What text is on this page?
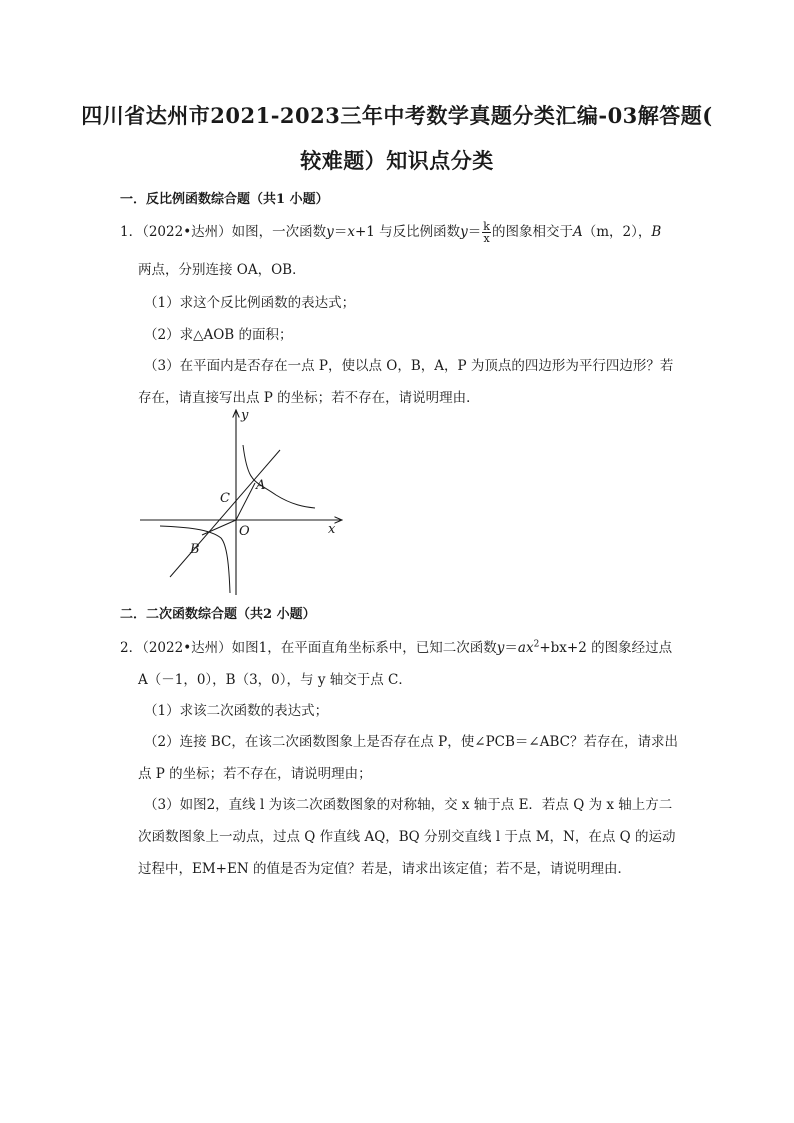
四川省达州市2021-2023三年中考数学真题分类汇编-03解答题(
较难题）知识点分类
一．反比例函数综合题（共1 小题）
1．（2022•达州）如图，一次函数y＝x+1 与反比例函数$y= \frac{k}{x}$ 的图象相交于A（m，2），B
两点，分别连接 OA，OB．
（1）求这个反比例函数的表达式；
（2）求△AOB 的面积；
（3）在平面内是否存在一点 P，使以点 O，B，A，P 为顶点的四边形为平行四边形？若
存在，请直接写出点 P 的坐标；若不存在，请说明理由．
y
x
O
A
B
C
二．二次函数综合题（共2 小题）
2．（2022•达州）如图1，在平面直角坐标系中，已知二次函数$y=ax^2+bx+2$ 的图象经过点
A（－1，0），B（3，0），与 y 轴交于点 C．
（1）求该二次函数的表达式；
（2）连接 BC，在该二次函数图象上是否存在点 P，使∠PCB＝∠ABC？若存在，请求出
点 P 的坐标；若不存在，请说明理由；
（3）如图2，直线 l 为该二次函数图象的对称轴，交 x 轴于点 E．若点 Q 为 x 轴上方二
次函数图象上一动点，过点 Q 作直线 AQ，BQ 分别交直线 l 于点 M，N，在点 Q 的运动
过程中，EM+EN 的值是否为定值？若是，请求出该定值；若不是，请说明理由．
